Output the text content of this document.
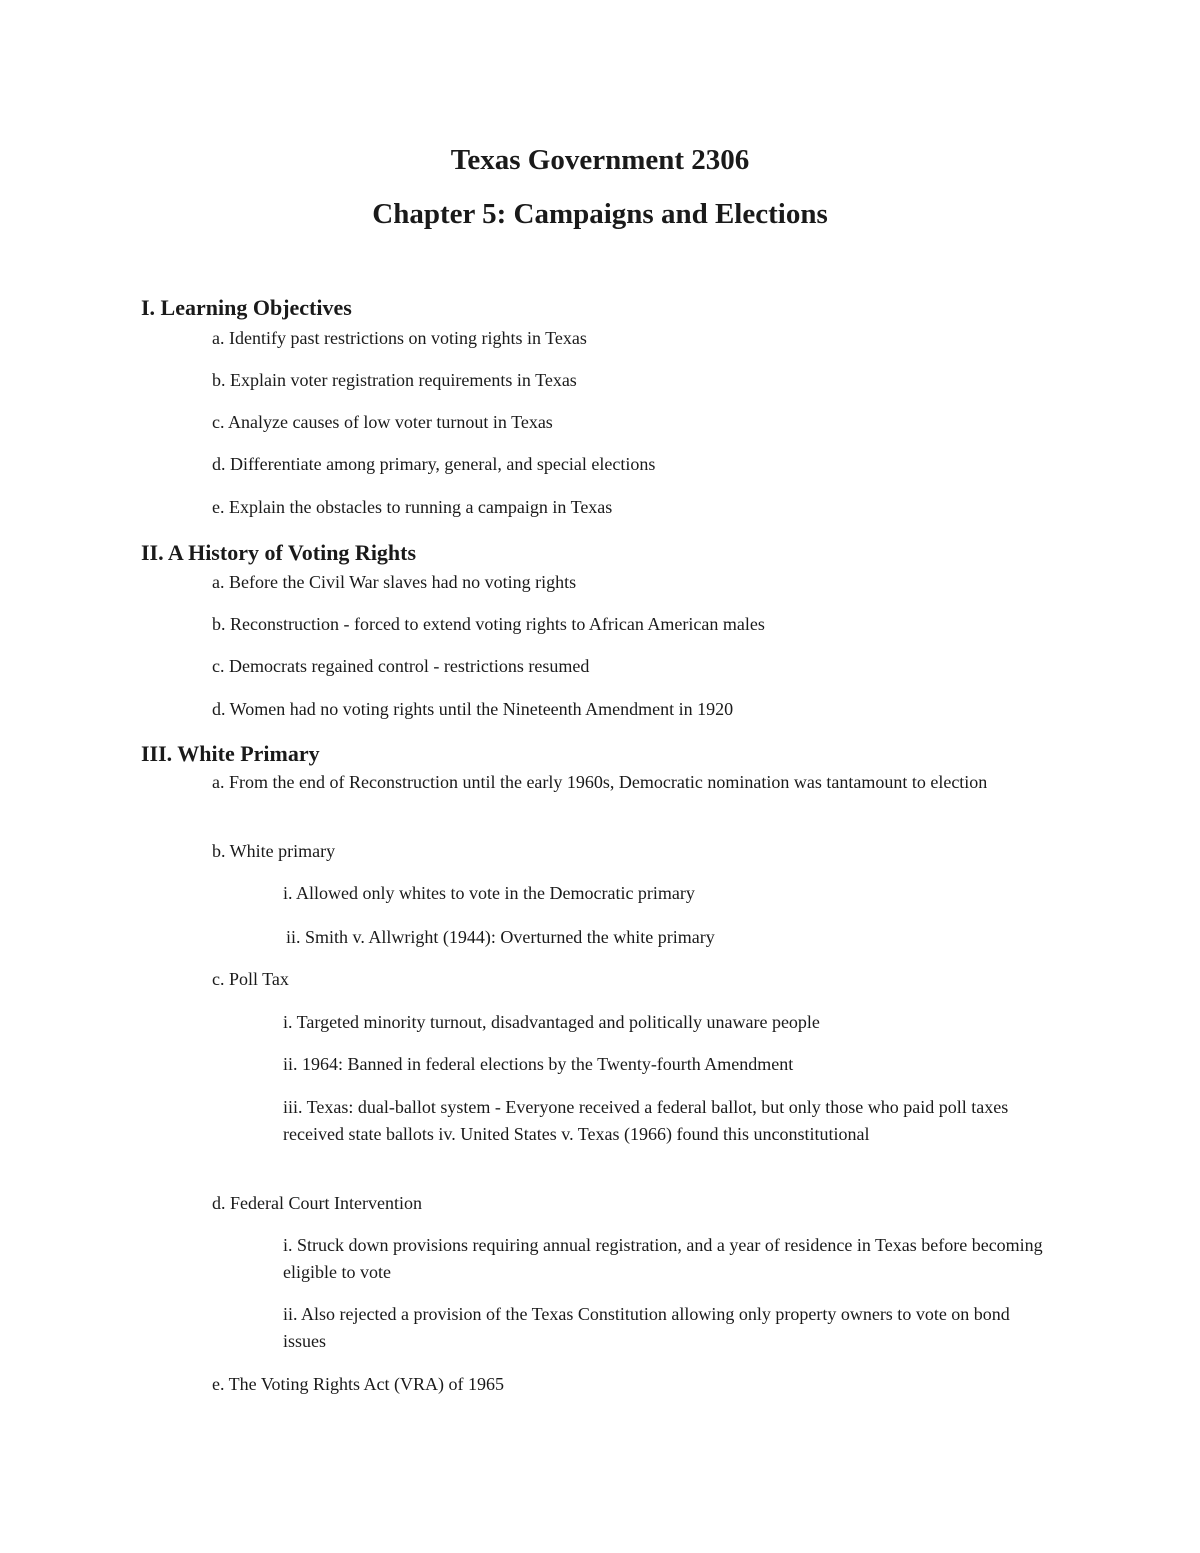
Texas Government 2306
Chapter 5: Campaigns and Elections
I. Learning Objectives

a. Identify past restrictions on voting rights in Texas

b. Explain voter registration requirements in Texas

c. Analyze causes of low voter turnout in Texas

d. Differentiate among primary, general, and special elections

e. Explain the obstacles to running a campaign in Texas

II. A History of Voting Rights

a. Before the Civil War slaves had no voting rights

b. Reconstruction - forced to extend voting rights to African American males

c. Democrats regained control - restrictions resumed

d. Women had no voting rights until the Nineteenth Amendment in 1920

III. White Primary

a. From the end of Reconstruction until the early 1960s, Democratic nomination was tantamount to election

b. White primary

i. Allowed only whites to vote in the Democratic primary

ii. Smith v. Allwright (1944): Overturned the white primary

c. Poll Tax

i. Targeted minority turnout, disadvantaged and politically unaware people

ii. 1964: Banned in federal elections by the Twenty-fourth Amendment

iii. Texas: dual-ballot system - Everyone received a federal ballot, but only those who paid poll taxes received state ballots iv. United States v. Texas (1966) found this unconstitutional

d. Federal Court Intervention

i. Struck down provisions requiring annual registration, and a year of residence in Texas before becoming eligible to vote

ii. Also rejected a provision of the Texas Constitution allowing only property owners to vote on bond issues

e. The Voting Rights Act (VRA) of 1965
